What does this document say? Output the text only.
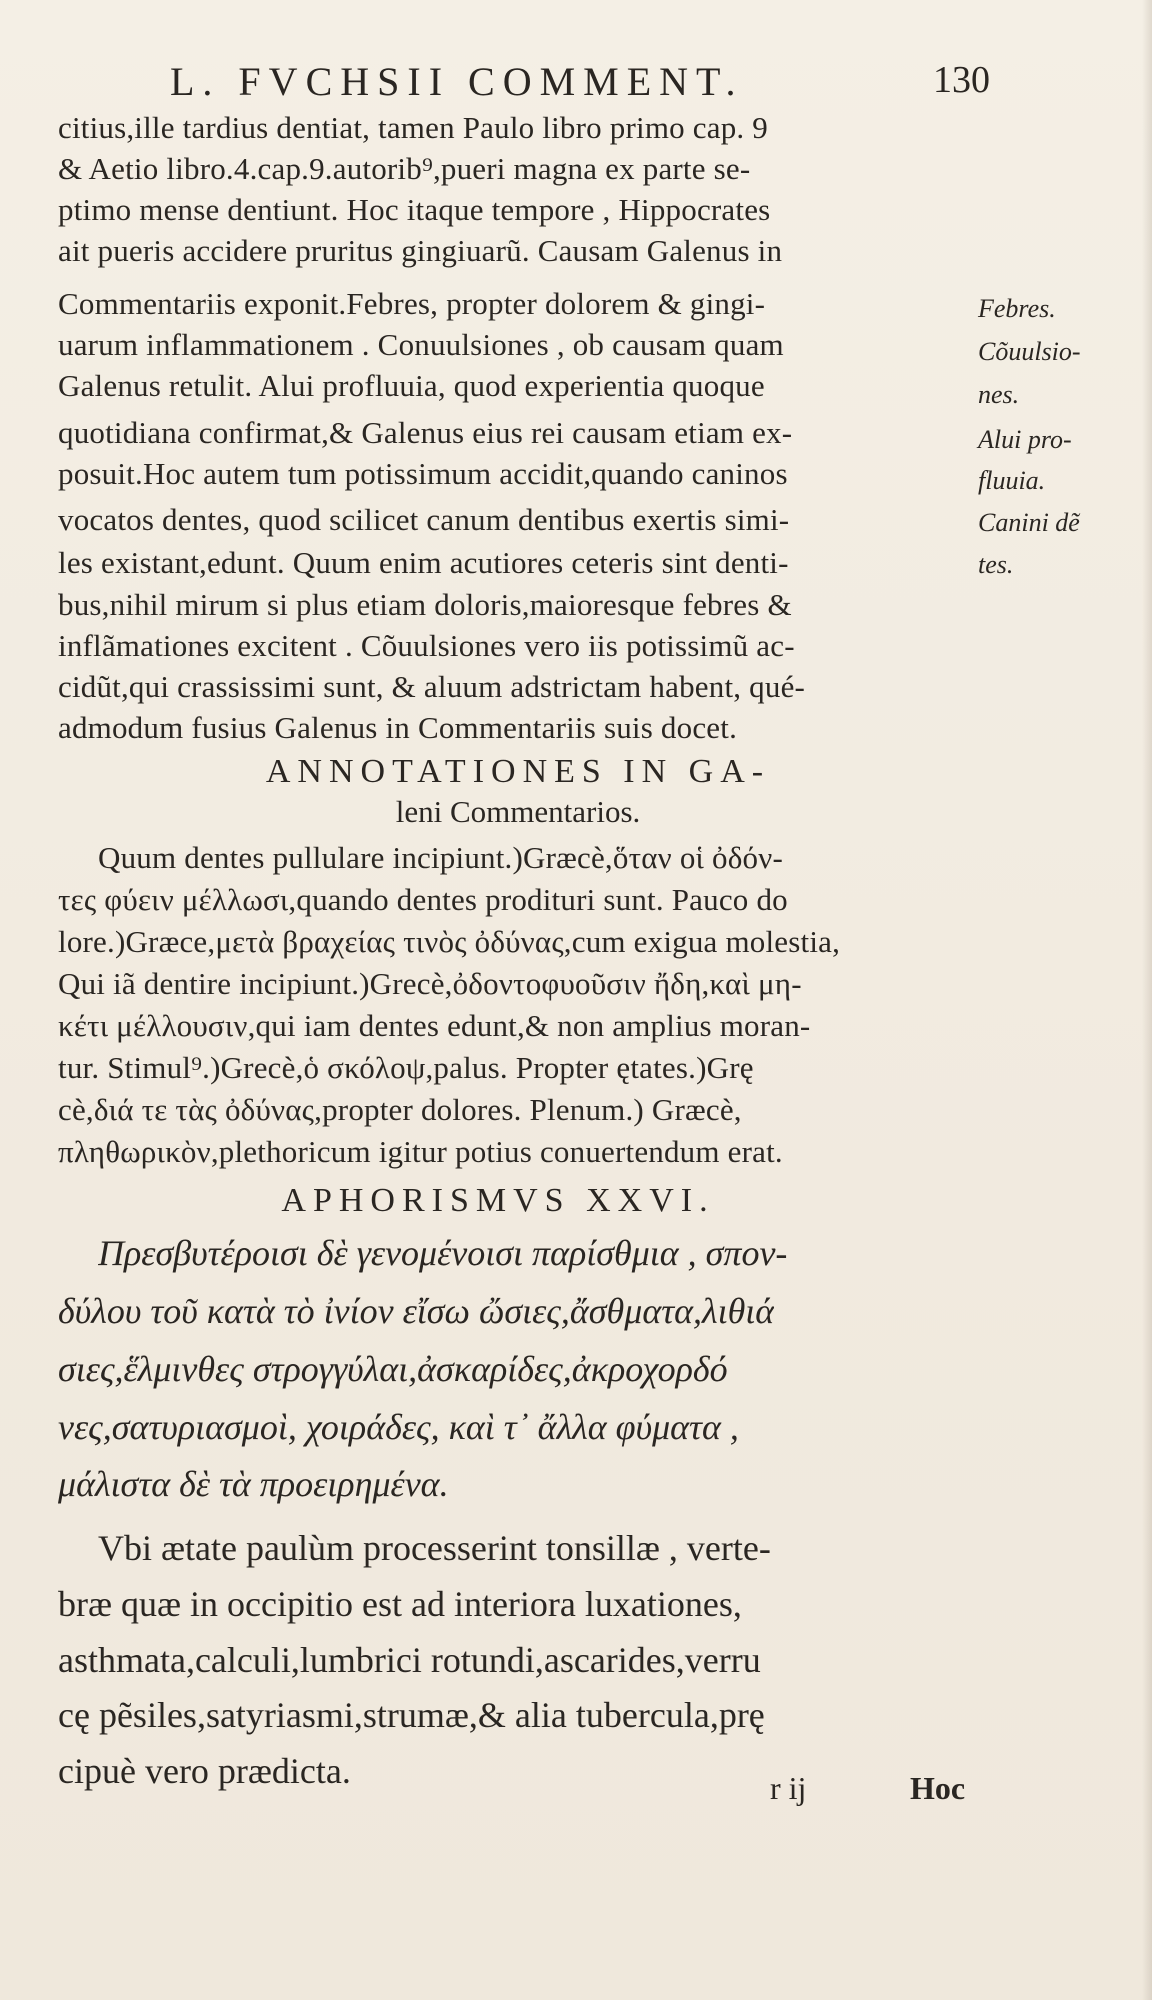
L. FVCHSII COMMENT.	130
citius,ille tardius dentiat, tamen Paulo libro primo cap. 9
& Aetio libro.4.cap.9.autorib⁹,pueri magna ex parte se-
ptimo mense dentiunt. Hoc itaque tempore , Hippocrates
ait pueris accidere pruritus gingiuarũ. Causam Galenus in
Commentariis exponit.Febres, propter dolorem & gingi-
uarum inflammationem . Conuulsiones , ob causam quam
Galenus retulit. Alui profluuia, quod experientia quoque
quotidiana confirmat,& Galenus eius rei causam etiam ex-
posuit.Hoc autem tum potissimum accidit,quando caninos
vocatos dentes, quod scilicet canum dentibus exertis simi-
les existant,edunt. Quum enim acutiores ceteris sint denti-
bus,nihil mirum si plus etiam doloris,maioresque febres &
inflãmationes excitent . Cõuulsiones vero iis potissimũ ac-
cidũt,qui crassissimi sunt, & aluum adstrictam habent, qué-
admodum fusius Galenus in Commentariis suis docet.
ANNOTATIONES IN GA-
leni Commentarios.
Quum dentes pullulare incipiunt.)Græcè,ὅταν οἱ ὀδόν-
τες φύειν μέλλωσι,quando dentes prodituri sunt. Pauco do
lore.)Græce,μετὰ βραχείας τινὸς ὀδύνας,cum exigua molestia,
Qui iã dentire incipiunt.)Grecè,ὀδοντοφυοῦσιν ἤδη,καὶ μη-
κέτι μέλλουσιν,qui iam dentes edunt,& non amplius moran-
tur. Stimul⁹.)Grecè,ὁ σκόλοψ,palus. Propter ętates.)Grę
cè,διά τε τὰς ὀδύνας,propter dolores. Plenum.) Græcè,
πληθωρικὸν,plethoricum igitur potius conuertendum erat.
APHORISMVS XXVI.
Πρεσβυτέροισι δὲ γενομένοισι παρίσθμια , σπον-
δύλου τοῦ κατὰ τὸ ἰνίον εἴσω ὤσιες,ἄσθματα,λιθιά
σιες,ἕλμινθες στρογγύλαι,ἀσκαρίδες,ἀκροχορδό
νες,σατυριασμοὶ, χοιράδες, καὶ τ᾽ ἄλλα φύματα ,
μάλιστα δὲ τὰ προειρημένα.
Vbi ætate paulùm processerint tonsillæ , verte-
bræ quæ in occipitio est ad interiora luxationes,
asthmata,calculi,lumbrici rotundi,ascarides,verru
cę pẽsiles,satyriasmi,strumæ,& alia tubercula,prę
cipuè vero prædicta.
Febres.
Cõuulsio-
nes.
Alui pro-
fluuia.
Canini dẽ
tes.
r ij	Hoc
